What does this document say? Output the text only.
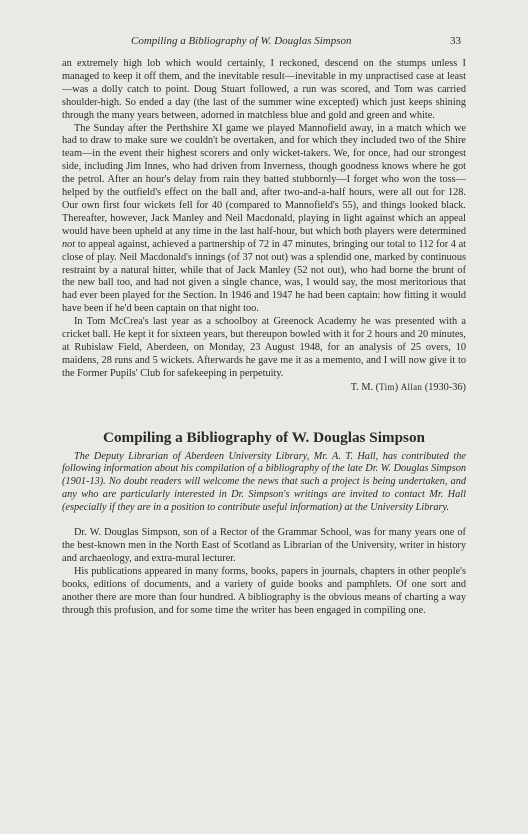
Compiling a Bibliography of W. Douglas Simpson	33

an extremely high lob which would certainly, I reckoned, descend on the stumps unless I managed to keep it off them, and the inevitable result—inevitable in my unpractised case at least—was a dolly catch to point. Doug Stuart followed, a run was scored, and Tom was carried shoulder-high. So ended a day (the last of the summer wine excepted) which just keeps shining through the many years between, adorned in matchless blue and gold and green and white.

The Sunday after the Perthshire XI game we played Mannofield away, in a match which we had to draw to make sure we couldn't be overtaken, and for which they included two of the Shire team—in the event their highest scorers and only wicket-takers. We, for once, had our strongest side, including Jim Innes, who had driven from Inverness, though goodness knows where he got the petrol. After an hour's delay from rain they batted stubbornly—I forget who won the toss—helped by the outfield's effect on the ball and, after two-and-a-half hours, were all out for 128. Our own first four wickets fell for 40 (compared to Mannofield's 55), and things looked black. Thereafter, however, Jack Manley and Neil Macdonald, playing in light against which an appeal would have been upheld at any time in the last half-hour, but which both players were determined not to appeal against, achieved a partnership of 72 in 47 minutes, bringing our total to 112 for 4 at close of play. Neil Macdonald's innings (of 37 not out) was a splendid one, marked by continuous restraint by a natural hitter, while that of Jack Manley (52 not out), who had borne the brunt of the new ball too, and had not given a single chance, was, I would say, the most meritorious that had ever been played for the Section. In 1946 and 1947 he had been captain: how fitting it would have been if he'd been captain on that night too.

In Tom McCrea's last year as a schoolboy at Greenock Academy he was presented with a cricket ball. He kept it for sixteen years, but thereupon bowled with it for 2 hours and 20 minutes, at Rubislaw Field, Aberdeen, on Monday, 23 August 1948, for an analysis of 25 overs, 10 maidens, 28 runs and 5 wickets. Afterwards he gave me it as a memento, and I will now give it to the Former Pupils' Club for safekeeping in perpetuity.

T. M. (Tim) Allan (1930-36)

Compiling a Bibliography of W. Douglas Simpson

The Deputy Librarian of Aberdeen University Library, Mr. A. T. Hall, has contributed the following information about his compilation of a bibliography of the late Dr. W. Douglas Simpson (1901-13). No doubt readers will welcome the news that such a project is being undertaken, and any who are particularly interested in Dr. Simpson's writings are invited to contact Mr. Hall (especially if they are in a position to contribute useful information) at the University Library.

Dr. W. Douglas Simpson, son of a Rector of the Grammar School, was for many years one of the best-known men in the North East of Scotland as Librarian of the University, writer in history and archaeology, and extra-mural lecturer.

His publications appeared in many forms, books, papers in journals, chapters in other people's books, editions of documents, and a variety of guide books and pamphlets. Of one sort and another there are more than four hundred. A bibliography is the obvious means of charting a way through this profusion, and for some time the writer has been engaged in compiling one.
